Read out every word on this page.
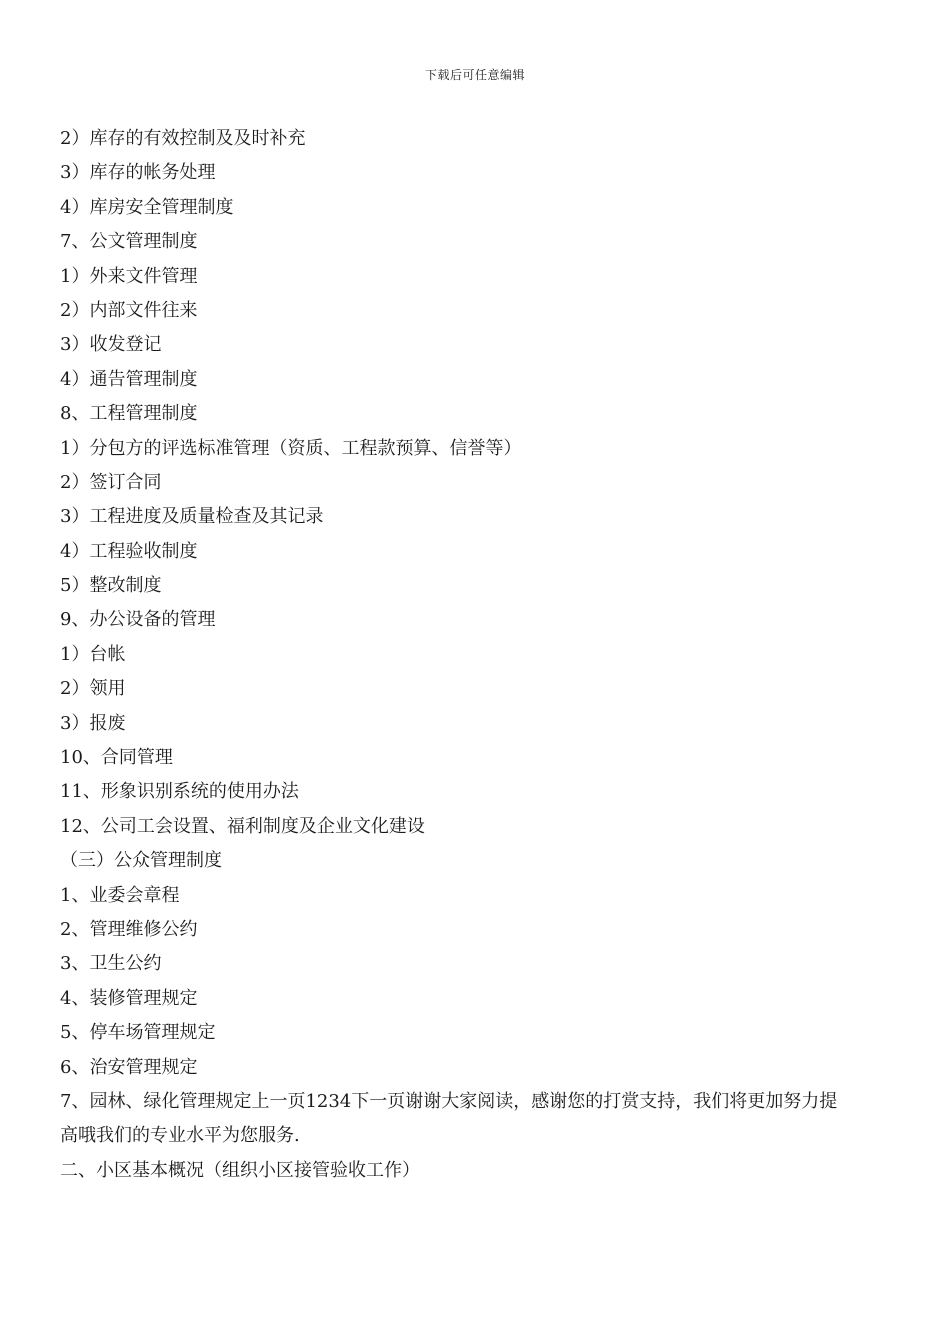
下载后可任意编辑
2）库存的有效控制及及时补充
3）库存的帐务处理
4）库房安全管理制度
7、公文管理制度
1）外来文件管理
2）内部文件往来
3）收发登记
4）通告管理制度
8、工程管理制度
1）分包方的评选标准管理（资质、工程款预算、信誉等）
2）签订合同
3）工程进度及质量检查及其记录
4）工程验收制度
5）整改制度
9、办公设备的管理
1）台帐
2）领用
3）报废
10、合同管理
11、形象识别系统的使用办法
12、公司工会设置、福利制度及企业文化建设
（三）公众管理制度
1、业委会章程
2、管理维修公约
3、卫生公约
4、装修管理规定
5、停车场管理规定
6、治安管理规定
7、园林、绿化管理规定上一页1234下一页谢谢大家阅读，感谢您的打赏支持，我们将更加努力提
高哦我们的专业水平为您服务.
二、小区基本概况（组织小区接管验收工作）
